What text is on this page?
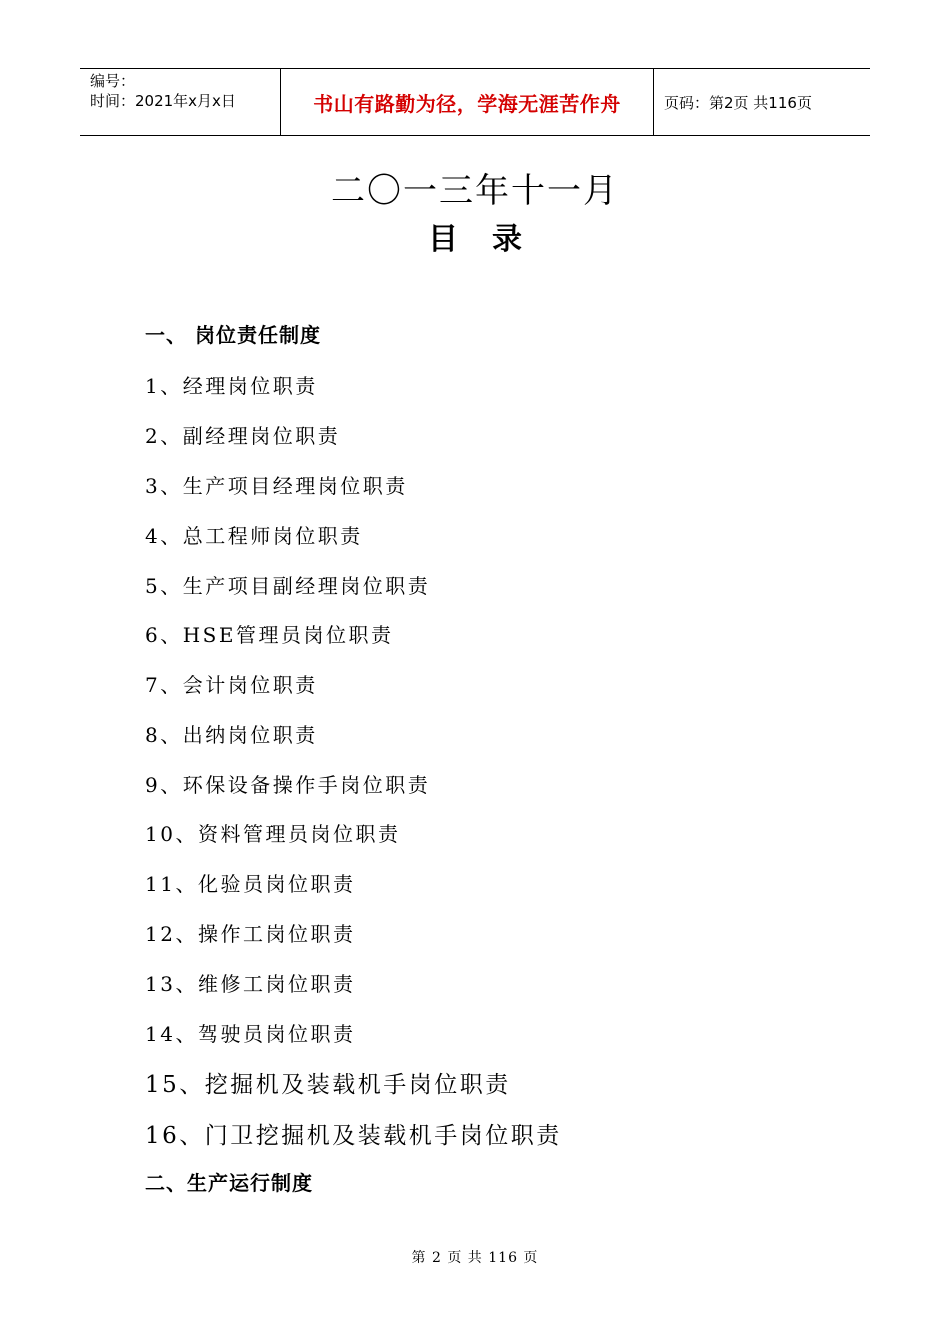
编号：
时间：2021年x月x日	书山有路勤为径，学海无涯苦作舟	页码：第2页 共116页
二〇一三年十一月
目录
一、 岗位责任制度
1、经理岗位职责
2、副经理岗位职责
3、生产项目经理岗位职责
4、总工程师岗位职责
5、生产项目副经理岗位职责
6、HSE管理员岗位职责
7、会计岗位职责
8、出纳岗位职责
9、环保设备操作手岗位职责
10、资料管理员岗位职责
11、化验员岗位职责
12、操作工岗位职责
13、维修工岗位职责
14、驾驶员岗位职责
15、挖掘机及装载机手岗位职责
16、门卫挖掘机及装载机手岗位职责
二、生产运行制度
第 2 页 共 116 页
